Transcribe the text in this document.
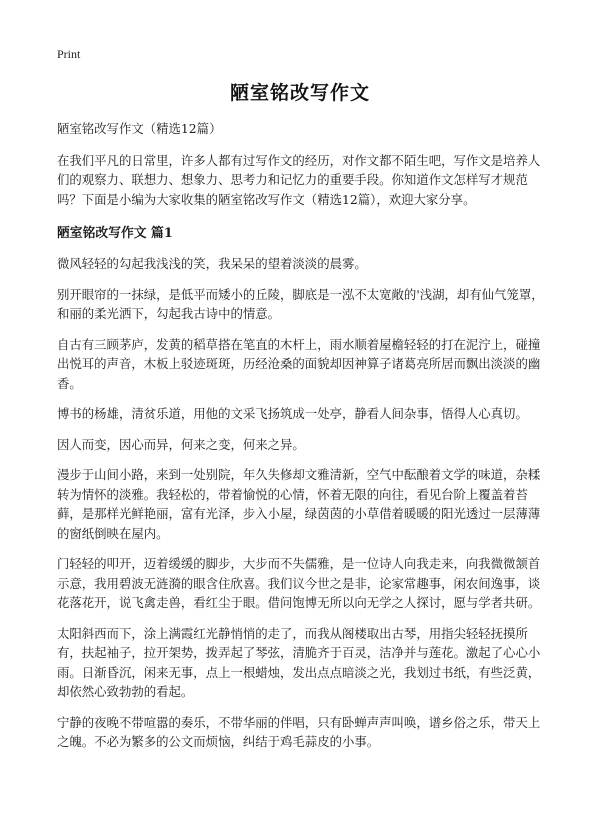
Print
陋室铭改写作文

陋室铭改写作文（精选12篇）

在我们平凡的日常里，许多人都有过写作文的经历，对作文都不陌生吧，写作文是培养人们的观察力、联想力、想象力、思考力和记忆力的重要手段。你知道作文怎样写才规范吗？下面是小编为大家收集的陋室铭改写作文（精选12篇），欢迎大家分享。

陋室铭改写作文 篇1

微风轻轻的勾起我浅浅的笑，我呆呆的望着淡淡的晨雾。

别开眼帘的一抹绿，是低平而矮小的丘陵，脚底是一泓不太宽敞的'浅湖，却有仙气笼罩，和丽的柔光洒下，勾起我古诗中的情意。

自古有三顾茅庐，发黄的稻草搭在笔直的木杆上，雨水顺着屋檐轻轻的打在泥泞上，碰撞出悦耳的声音，木板上驳迹斑斑，历经沧桑的面貌却因神算子诸葛亮所居而飘出淡淡的幽香。

博书的杨雄，清贫乐道，用他的文采飞扬筑成一处亭，静看人间杂事，悟得人心真切。

因人而变，因心而异，何来之变，何来之异。

漫步于山间小路，来到一处别院，年久失修却文雅清新，空气中酝酿着文学的味道，杂糅转为情怀的淡雅。我轻松的，带着愉悦的心情，怀着无限的向往，看见台阶上覆盖着苔藓，是那样光鲜艳丽，富有光泽，步入小屋，绿茵茵的小草借着暖暖的阳光透过一层薄薄的窗纸倒映在屋内。

门轻轻的叩开，迈着缓缓的脚步，大步而不失儒雅，是一位诗人向我走来，向我微微颔首示意，我用碧波无涟漪的眼含住欣喜。我们议今世之是非，论家常趣事，闲农间逸事，谈花落花开，说飞禽走兽，看红尘于眼。借问饱博无所以向无学之人探讨，愿与学者共研。

太阳斜西而下，涂上满霞红光静悄悄的走了，而我从阁楼取出古琴，用指尖轻轻抚摸所有，扶起袖子，拉开架势，拨弄起了琴弦，清脆齐于百灵，洁净并与莲花。激起了心心小雨。日渐昏沉，闲来无事，点上一根蜡烛，发出点点暗淡之光，我划过书纸，有些泛黄，却依然心致勃勃的看起。

宁静的夜晚不带喧嚣的奏乐，不带华丽的伴唱，只有卧蝉声声叫唤，谱乡俗之乐，带天上之魄。不必为繁多的公文而烦恼，纠结于鸡毛蒜皮的小事。
